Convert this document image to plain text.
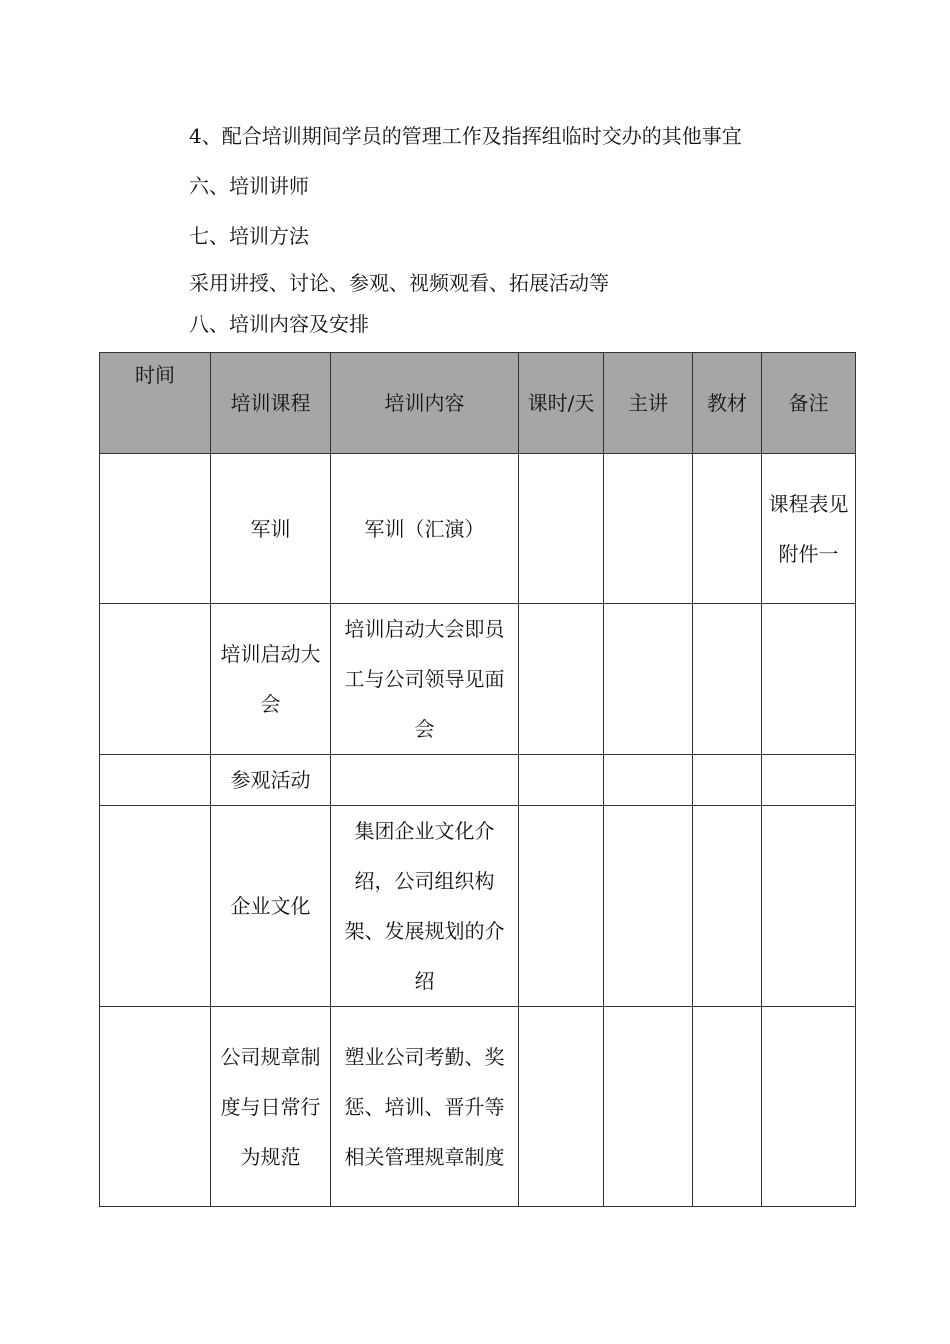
4、配合培训期间学员的管理工作及指挥组临时交办的其他事宜
六、培训讲师
七、培训方法
采用讲授、讨论、参观、视频观看、拓展活动等
八、培训内容及安排
时间	培训课程	培训内容	课时/天	主讲	教材	备注
	军训	军训（汇演）				课程表见附件一
	培训启动大会	培训启动大会即员工与公司领导见面会				
	参观活动					
	企业文化	集团企业文化介绍，公司组织构架、发展规划的介绍				
	公司规章制度与日常行为规范	塑业公司考勤、奖惩、培训、晋升等相关管理规章制度				
